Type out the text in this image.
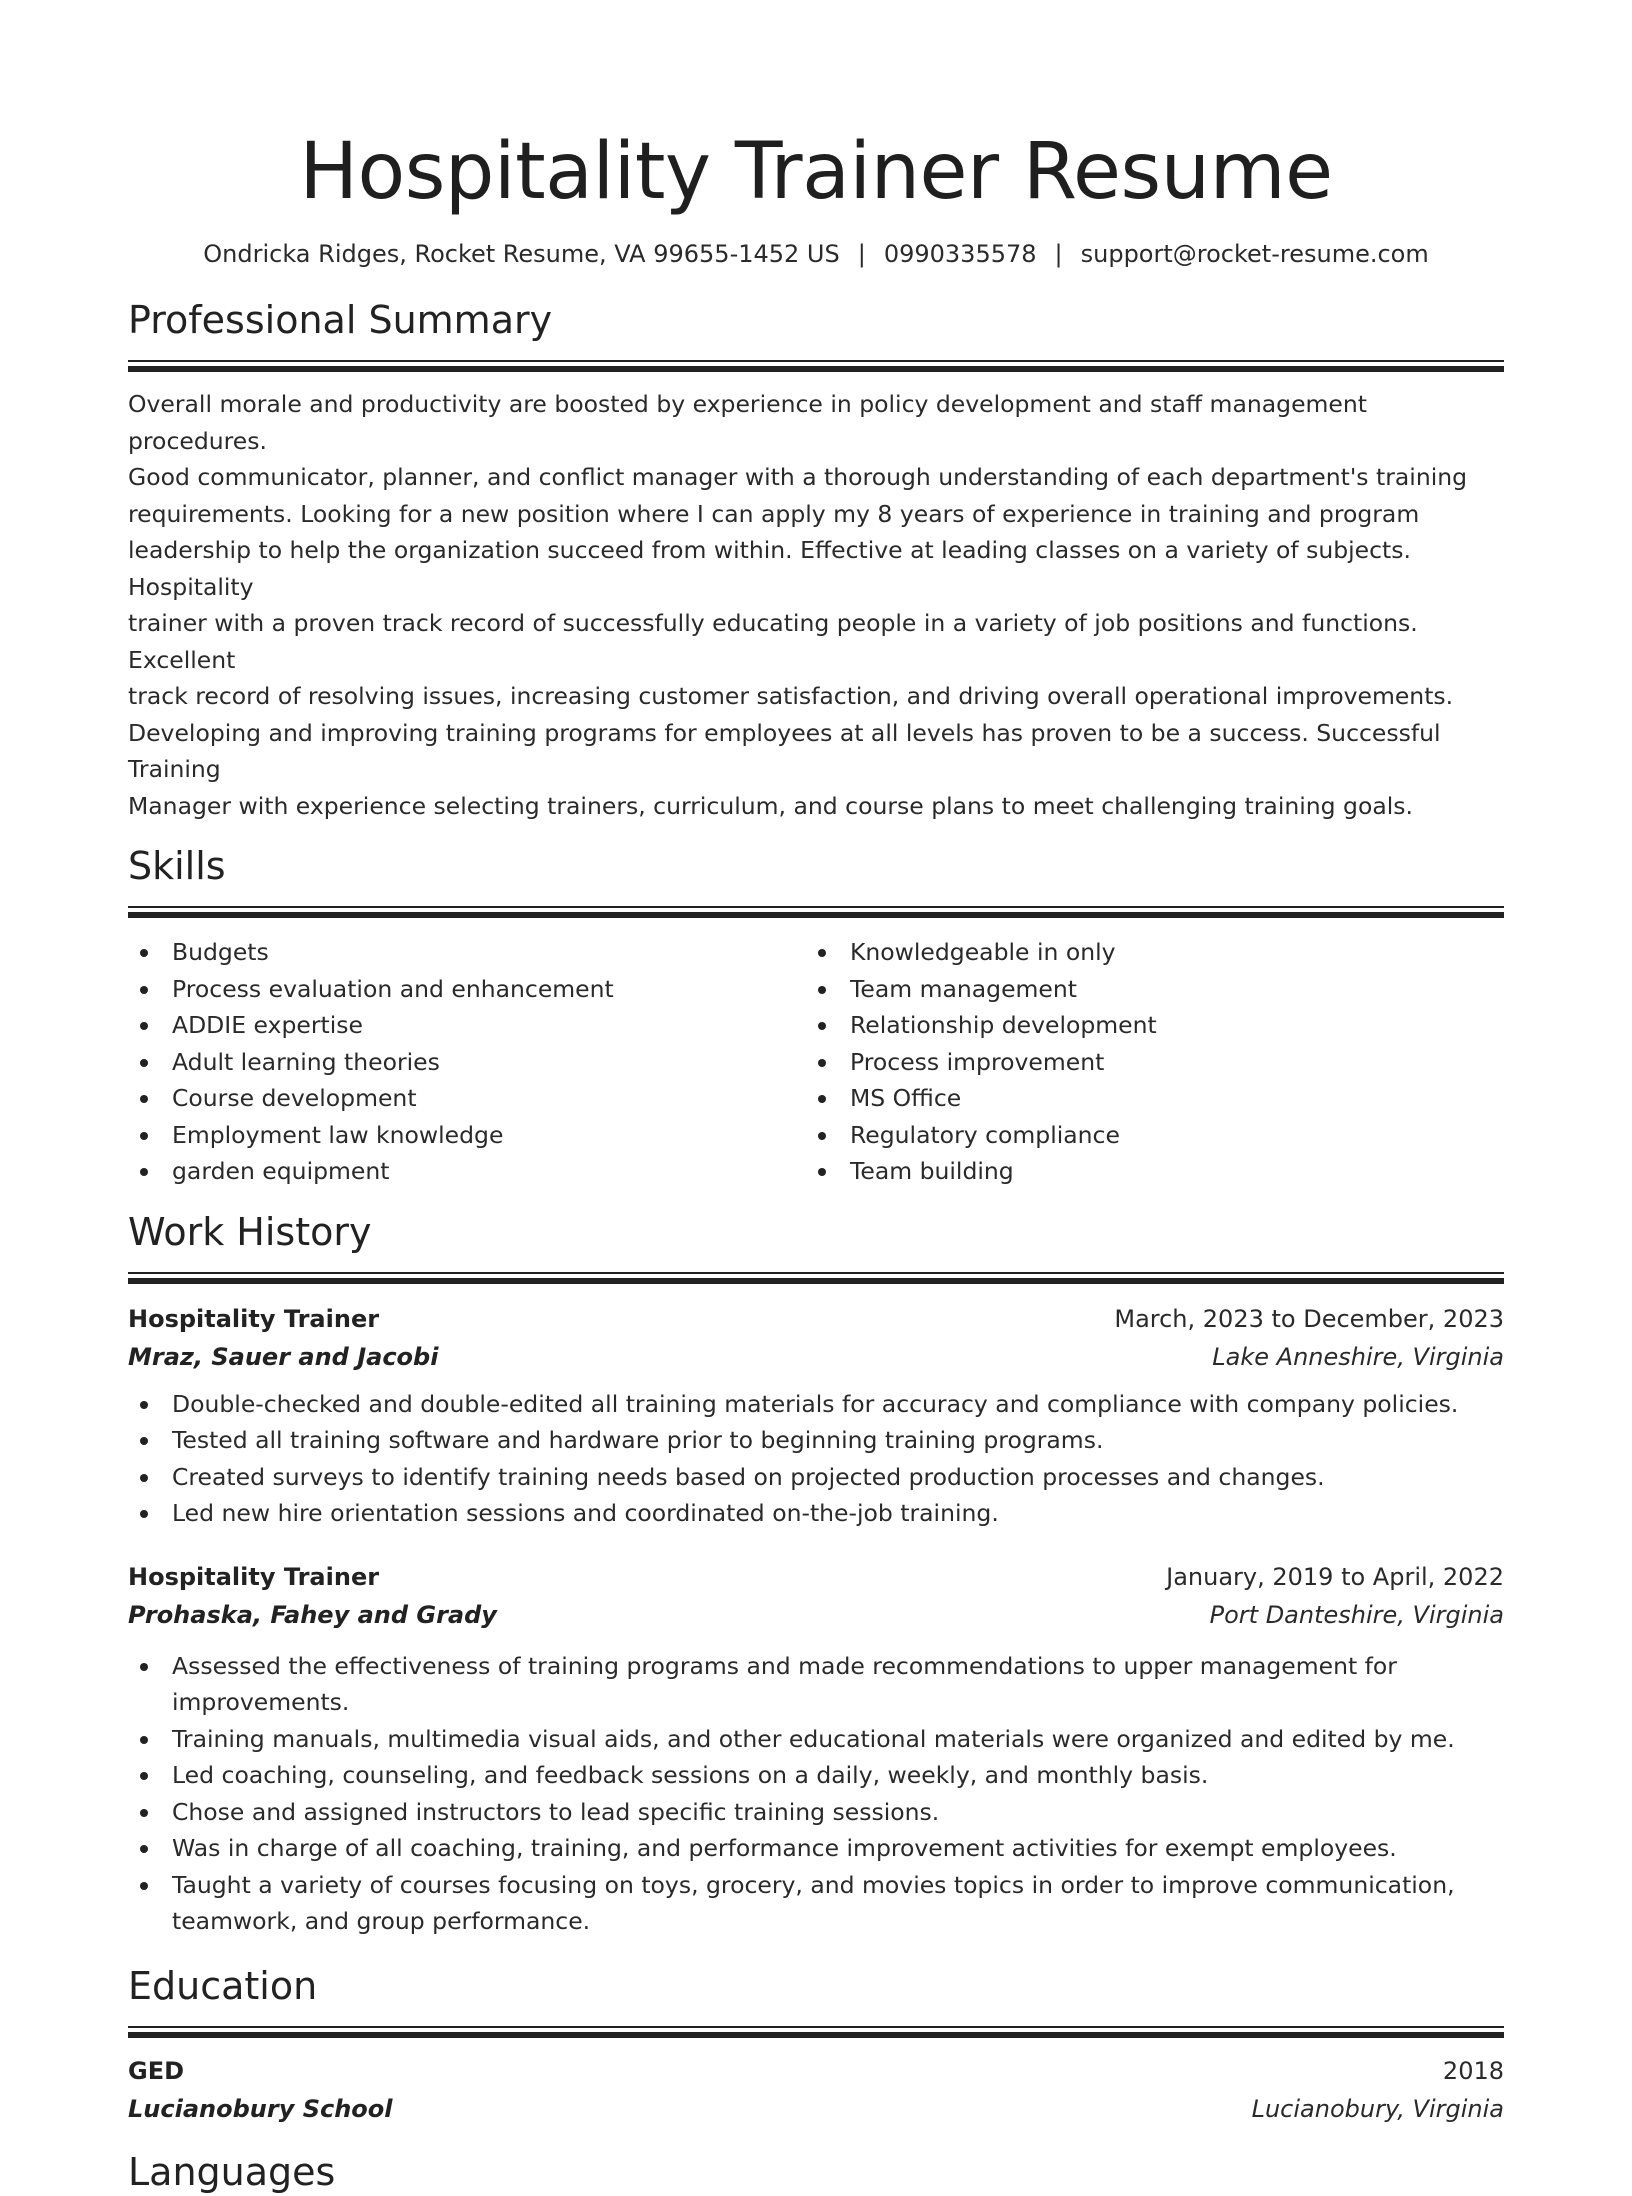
Hospitality Trainer Resume
Ondricka Ridges, Rocket Resume, VA 99655-1452 US | 0990335578 | support@rocket-resume.com
Professional Summary
Overall morale and productivity are boosted by experience in policy development and staff management procedures.
Good communicator, planner, and conflict manager with a thorough understanding of each department's training
requirements. Looking for a new position where I can apply my 8 years of experience in training and program
leadership to help the organization succeed from within. Effective at leading classes on a variety of subjects. Hospitality
trainer with a proven track record of successfully educating people in a variety of job positions and functions. Excellent
track record of resolving issues, increasing customer satisfaction, and driving overall operational improvements.
Developing and improving training programs for employees at all levels has proven to be a success. Successful Training
Manager with experience selecting trainers, curriculum, and course plans to meet challenging training goals.
Skills
Budgets
Process evaluation and enhancement
ADDIE expertise
Adult learning theories
Course development
Employment law knowledge
garden equipment
Knowledgeable in only
Team management
Relationship development
Process improvement
MS Office
Regulatory compliance
Team building
Work History
Hospitality Trainer	March, 2023 to December, 2023
Mraz, Sauer and Jacobi	Lake Anneshire, Virginia
Double-checked and double-edited all training materials for accuracy and compliance with company policies.
Tested all training software and hardware prior to beginning training programs.
Created surveys to identify training needs based on projected production processes and changes.
Led new hire orientation sessions and coordinated on-the-job training.
Hospitality Trainer	January, 2019 to April, 2022
Prohaska, Fahey and Grady	Port Danteshire, Virginia
Assessed the effectiveness of training programs and made recommendations to upper management for improvements.
Training manuals, multimedia visual aids, and other educational materials were organized and edited by me.
Led coaching, counseling, and feedback sessions on a daily, weekly, and monthly basis.
Chose and assigned instructors to lead specific training sessions.
Was in charge of all coaching, training, and performance improvement activities for exempt employees.
Taught a variety of courses focusing on toys, grocery, and movies topics in order to improve communication, teamwork, and group performance.
Education
GED	2018
Lucianobury School	Lucianobury, Virginia
Languages
